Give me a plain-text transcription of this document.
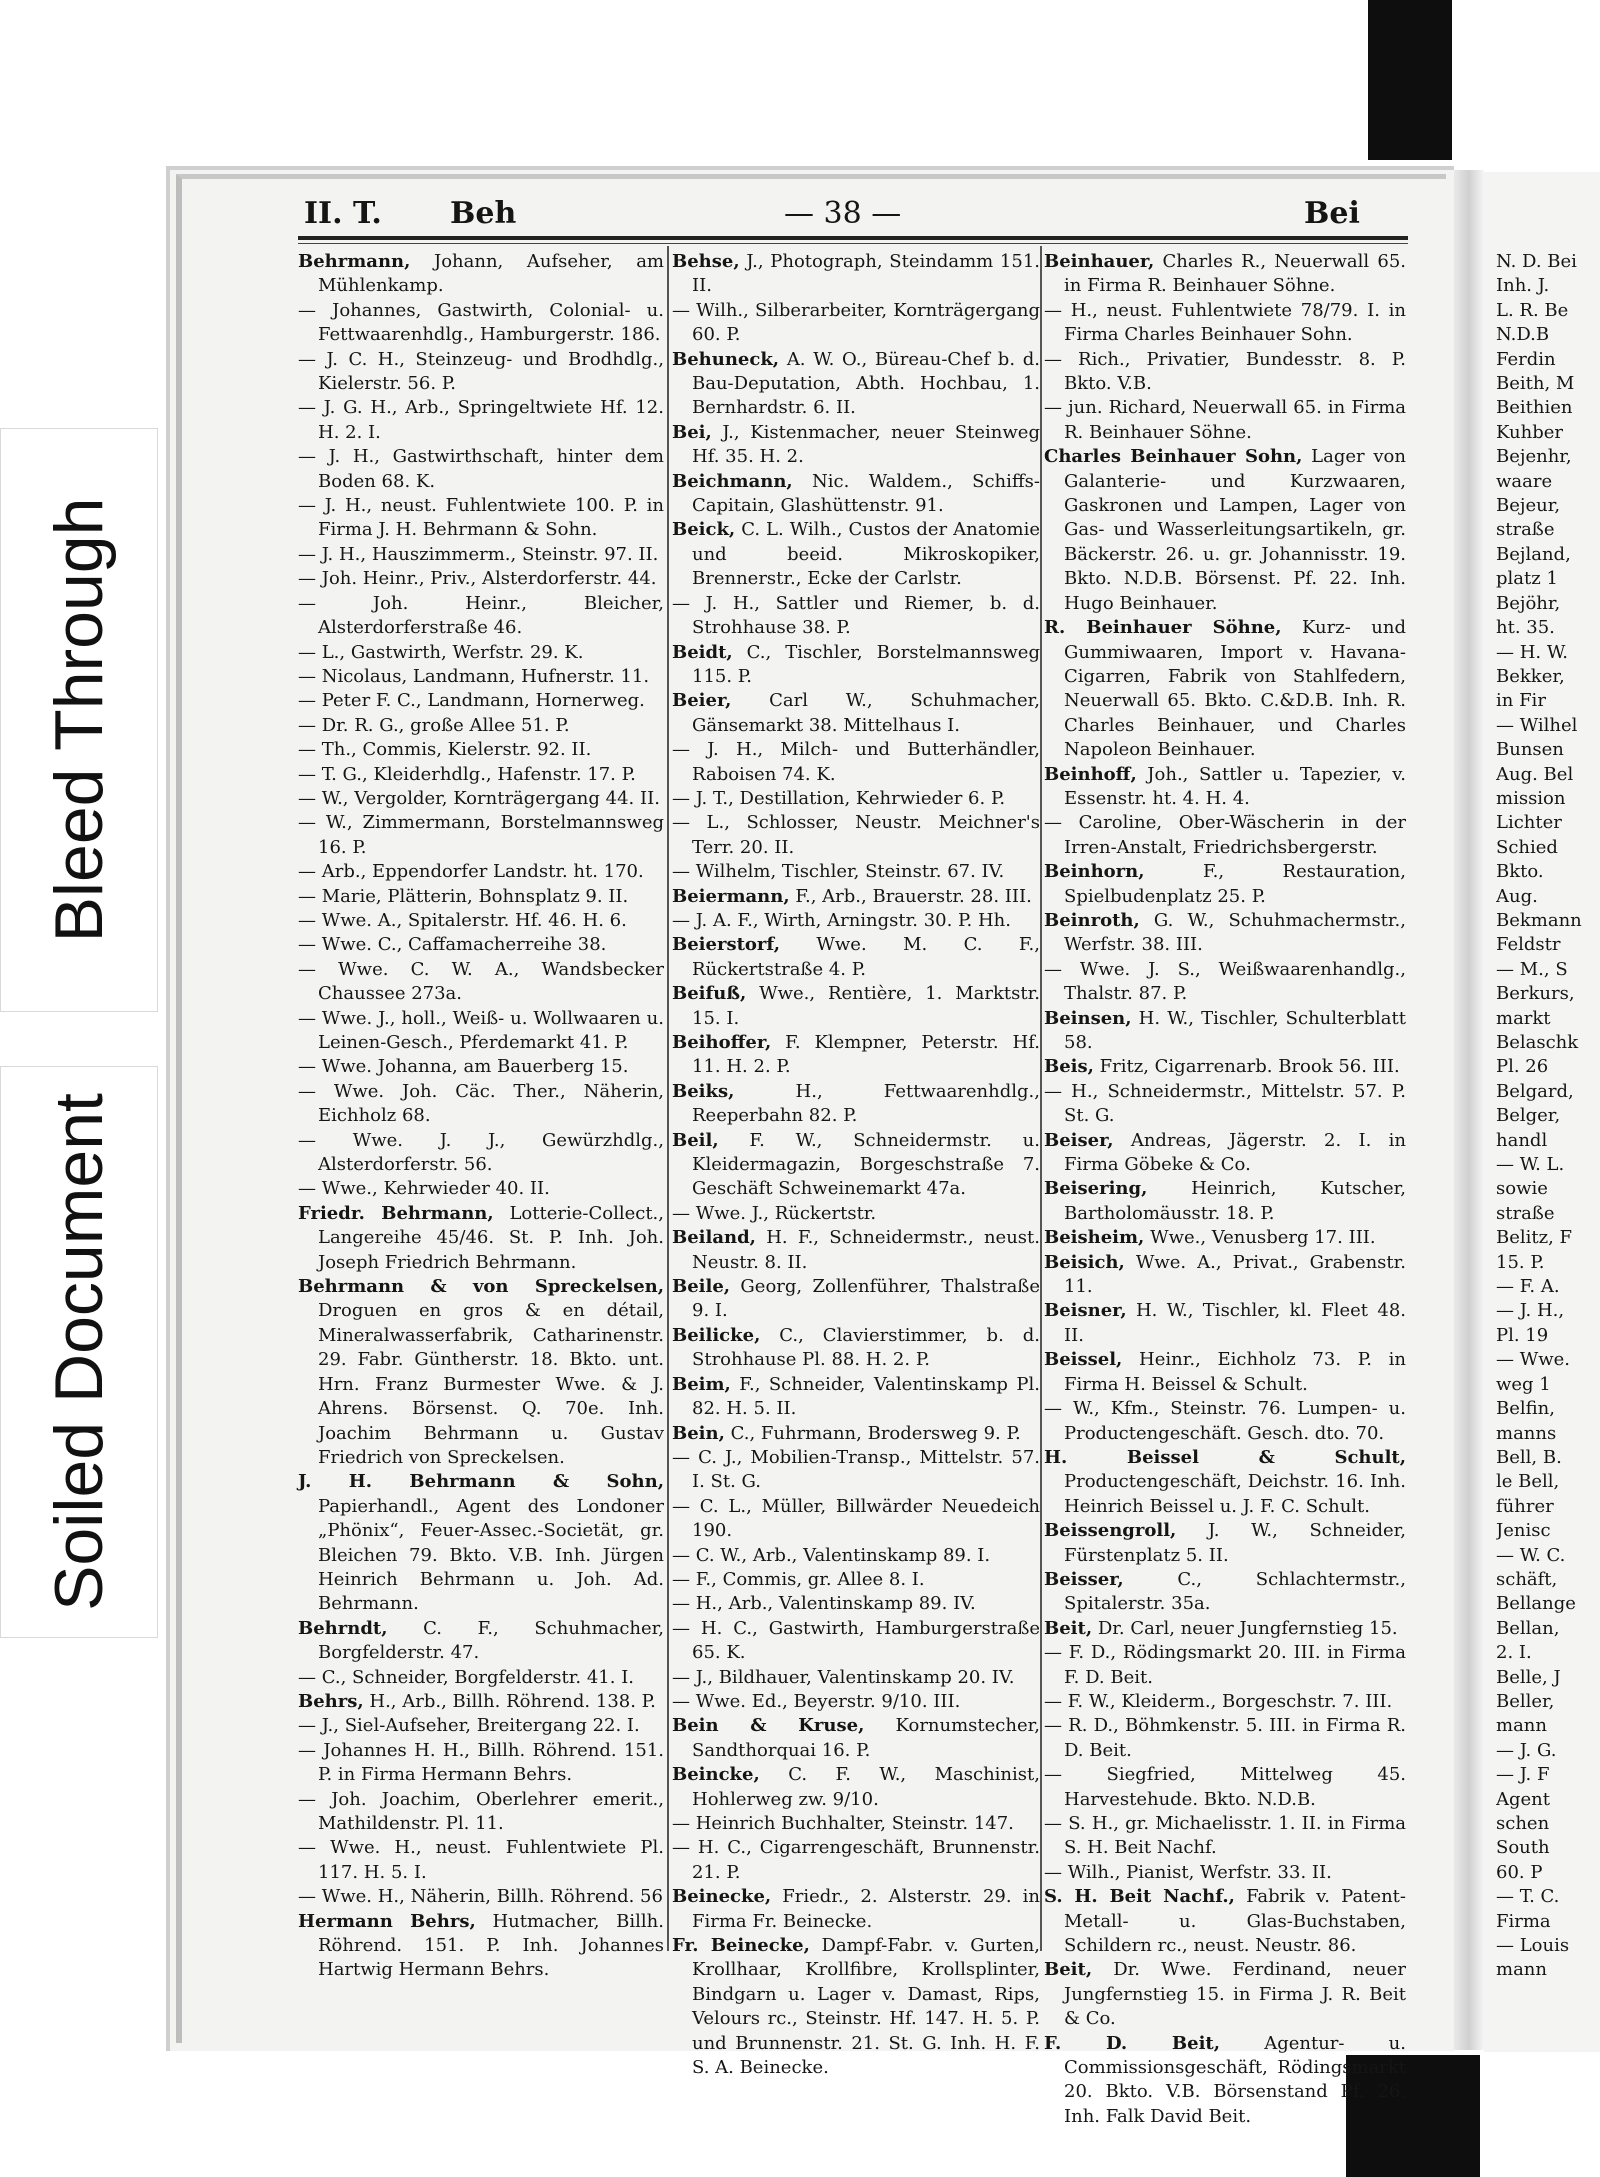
Bleed Through
Soiled Document
II. T. Beh	— 38 —	Bei

Behrmann, Johann, Aufseher, am Mühlenkamp.

— Johannes, Gastwirth, Colonial- u. Fettwaarenhdlg., Hamburgerstr. 186.

— J. C. H., Steinzeug- und Brodhdlg., Kielerstr. 56. P.

— J. G. H., Arb., Springeltwiete Hf. 12. H. 2. I.

— J. H., Gastwirthschaft, hinter dem Boden 68. K.

— J. H., neust. Fuhlentwiete 100. P. in Firma J. H. Behrmann & Sohn.

— J. H., Hauszimmerm., Steinstr. 97. II.

— Joh. Heinr., Priv., Alsterdorferstr. 44.

— Joh. Heinr., Bleicher, Alsterdorferstraße 46.

— L., Gastwirth, Werfstr. 29. K.

— Nicolaus, Landmann, Hufnerstr. 11.

— Peter F. C., Landmann, Hornerweg.

— Dr. R. G., große Allee 51. P.

— Th., Commis, Kielerstr. 92. II.

— T. G., Kleiderhdlg., Hafenstr. 17. P.

— W., Vergolder, Kornträgergang 44. II.

— W., Zimmermann, Borstelmannsweg 16. P.

— Arb., Eppendorfer Landstr. ht. 170.

— Marie, Plätterin, Bohnsplatz 9. II.

— Wwe. A., Spitalerstr. Hf. 46. H. 6.

— Wwe. C., Caffamacherreihe 38.

— Wwe. C. W. A., Wandsbecker Chaussee 273a.

— Wwe. J., holl., Weiß- u. Wollwaaren u. Leinen-Gesch., Pferdemarkt 41. P.

— Wwe. Johanna, am Bauerberg 15.

— Wwe. Joh. Cäc. Ther., Näherin, Eichholz 68.

— Wwe. J. J., Gewürzhdlg., Alsterdorferstr. 56.

— Wwe., Kehrwieder 40. II.

Friedr. Behrmann, Lotterie-Collect., Langereihe 45/46. St. P. Inh. Joh. Joseph Friedrich Behrmann.

Behrmann & von Spreckelsen, Droguen en gros & en détail, Mineralwasserfabrik, Catharinenstr. 29. Fabr. Güntherstr. 18. Bkto. unt. Hrn. Franz Burmester Wwe. & J. Ahrens. Börsenst. Q. 70e. Inh. Joachim Behrmann u. Gustav Friedrich von Spreckelsen.

J. H. Behrmann & Sohn, Papierhandl., Agent des Londoner „Phönix“, Feuer-Assec.-Societät, gr. Bleichen 79. Bkto. V.B. Inh. Jürgen Heinrich Behrmann u. Joh. Ad. Behrmann.

Behrndt, C. F., Schuhmacher, Borgfelderstr. 47.

— C., Schneider, Borgfelderstr. 41. I.

Behrs, H., Arb., Billh. Röhrend. 138. P.

— J., Siel-Aufseher, Breitergang 22. I.

— Johannes H. H., Billh. Röhrend. 151. P. in Firma Hermann Behrs.

— Joh. Joachim, Oberlehrer emerit., Mathildenstr. Pl. 11.

— Wwe. H., neust. Fuhlentwiete Pl. 117. H. 5. I.

— Wwe. H., Näherin, Billh. Röhrend. 56

Hermann Behrs, Hutmacher, Billh. Röhrend. 151. P. Inh. Johannes Hartwig Hermann Behrs.

Behse, J., Photograph, Steindamm 151. II.

— Wilh., Silberarbeiter, Kornträgergang 60. P.

Behuneck, A. W. O., Büreau-Chef b. d. Bau-Deputation, Abth. Hochbau, 1. Bernhardstr. 6. II.

Bei, J., Kistenmacher, neuer Steinweg Hf. 35. H. 2.

Beichmann, Nic. Waldem., Schiffs-Capitain, Glashüttenstr. 91.

Beick, C. L. Wilh., Custos der Anatomie und beeid. Mikroskopiker, Brennerstr., Ecke der Carlstr.

— J. H., Sattler und Riemer, b. d. Strohhause 38. P.

Beidt, C., Tischler, Borstelmannsweg 115. P.

Beier, Carl W., Schuhmacher, Gänsemarkt 38. Mittelhaus I.

— J. H., Milch- und Butterhändler, Raboisen 74. K.

— J. T., Destillation, Kehrwieder 6. P.

— L., Schlosser, Neustr. Meichner's Terr. 20. II.

— Wilhelm, Tischler, Steinstr. 67. IV.

Beiermann, F., Arb., Brauerstr. 28. III.

— J. A. F., Wirth, Arningstr. 30. P. Hh.

Beierstorf, Wwe. M. C. F., Rückertstraße 4. P.

Beifuß, Wwe., Rentière, 1. Marktstr. 15. I.

Beihoffer, F. Klempner, Peterstr. Hf. 11. H. 2. P.

Beiks,	H., Fettwaarenhdlg., Reeperbahn 82. P.

Beil, F. W., Schneidermstr. u. Kleidermagazin, Borgeschstraße 7. Geschäft Schweinemarkt 47a.

— Wwe. J., Rückertstr.

Beiland, H. F., Schneidermstr., neust. Neustr. 8. II.

Beile, Georg, Zollenführer, Thalstraße 9. I.

Beilicke, C., Clavierstimmer, b. d. Strohhause Pl. 88. H. 2. P.

Beim, F., Schneider, Valentinskamp Pl. 82. H. 5. II.

Bein, C., Fuhrmann, Brodersweg 9. P.

— C. J., Mobilien-Transp., Mittelstr. 57. I. St. G.

— C. L., Müller, Billwärder Neuedeich 190.

— C. W., Arb., Valentinskamp 89. I.

— F., Commis, gr. Allee 8. I.

— H., Arb., Valentinskamp 89. IV.

— H. C., Gastwirth, Hamburgerstraße 65. K.

— J., Bildhauer, Valentinskamp 20. IV.

— Wwe. Ed., Beyerstr. 9/10. III.

Bein & Kruse, Kornumstecher, Sandthorquai 16. P.

Beincke, C. F. W., Maschinist, Hohlerweg zw. 9/10.

— Heinrich Buchhalter, Steinstr. 147.

— H. C., Cigarrengeschäft, Brunnenstr. 21. P.

Beinecke, Friedr., 2. Alsterstr. 29. in Firma Fr. Beinecke.

Fr. Beinecke, Dampf-Fabr. v. Gurten, Krollhaar, Krollfibre, Krollsplinter, Bindgarn u. Lager v. Damast, Rips, Velours rc., Steinstr. Hf. 147. H. 5. P. und Brunnenstr. 21. St. G. Inh. H. F. S. A. Beinecke.

Beinhauer, Charles R., Neuerwall 65. in Firma R. Beinhauer Söhne.

— H., neust. Fuhlentwiete 78/79. I. in Firma Charles Beinhauer Sohn.

— Rich., Privatier, Bundesstr. 8. P. Bkto. V.B.

— jun. Richard, Neuerwall 65. in Firma R. Beinhauer Söhne.

Charles Beinhauer Sohn, Lager von Galanterie- und Kurzwaaren, Gaskronen und Lampen, Lager von Gas- und Wasserleitungsartikeln, gr. Bäckerstr. 26. u. gr. Johannisstr. 19. Bkto. N.D.B. Börsenst. Pf. 22. Inh. Hugo Beinhauer.

R. Beinhauer Söhne, Kurz- und Gummiwaaren, Import v. Havana-Cigarren, Fabrik von Stahlfedern, Neuerwall 65. Bkto. C.&D.B. Inh. R. Charles Beinhauer, und Charles Napoleon Beinhauer.

Beinhoff, Joh., Sattler u. Tapezier, v. Essenstr. ht. 4. H. 4.

— Caroline, Ober-Wäscherin in der Irren-Anstalt, Friedrichsbergerstr.

Beinhorn,	F., Restauration, Spielbudenplatz 25. P.

Beinroth, G. W., Schuhmachermstr., Werfstr. 38. III.

— Wwe. J. S., Weißwaarenhandlg., Thalstr. 87. P.

Beinsen, H. W., Tischler, Schulterblatt 58.

Beis, Fritz, Cigarrenarb. Brook 56. III.

— H., Schneidermstr., Mittelstr. 57. P. St. G.

Beiser, Andreas, Jägerstr. 2. I. in Firma Göbeke & Co.

Beisering, Heinrich, Kutscher, Bartholomäusstr. 18. P.

Beisheim, Wwe., Venusberg 17. III.

Beisich, Wwe. A., Privat., Grabenstr. 11.

Beisner, H. W., Tischler, kl. Fleet 48. II.

Beissel, Heinr., Eichholz 73. P. in Firma H. Beissel & Schult.

— W., Kfm., Steinstr. 76. Lumpen- u. Productengeschäft. Gesch. dto. 70.

H. Beissel & Schult, Productengeschäft, Deichstr. 16. Inh. Heinrich Beissel u. J. F. C. Schult.

Beissengroll, J. W., Schneider, Fürstenplatz 5. II.

Beisser,	C., Schlachtermstr., Spitalerstr. 35a.

Beit, Dr. Carl, neuer Jungfernstieg 15.

— F. D., Rödingsmarkt 20. III. in Firma F. D. Beit.

— F. W., Kleiderm., Borgeschstr. 7. III.

— R. D., Böhmkenstr. 5. III. in Firma R. D. Beit.

— Siegfried, Mittelweg 45. Harvestehude. Bkto. N.D.B.

— S. H., gr. Michaelisstr. 1. II. in Firma S. H. Beit Nachf.

— Wilh., Pianist, Werfstr. 33. II.

S. H. Beit Nachf., Fabrik v. Patent-Metall- u. Glas-Buchstaben, Schildern rc., neust. Neustr. 86.

Beit, Dr. Wwe. Ferdinand, neuer Jungfernstieg 15. in Firma J. R. Beit & Co.

F. D. Beit, Agentur- u. Commissionsgeschäft, Rödingsmarkt 20. Bkto. V.B. Börsenstand Pf. 26. Inh. Falk David Beit.

N. D. Bei

Inh. J.

L. R. Be

N.D.B

Ferdin

Beith, M

Beithien

Kuhber

Bejenhr,

waare

Bejeur,

straße

Bejland,

platz 1

Bejöhr,

ht. 35.

— H. W.

Bekker,

in Fir

— Wilhel

Bunsen

Aug. Bel

mission

Lichter

Schied

Bkto.

Aug.

Bekmann

Feldstr

— M., S

Berkurs,

markt

Belaschk

Pl. 26

Belgard,

Belger,

handl

— W. L.

sowie

straße

Belitz, F

15. P.

— F. A.

— J. H.,

Pl. 19

— Wwe.

weg 1

Belfin,

manns

Bell, B.

le Bell,

führer

Jenisc

— W. C.

schäft,

Bellange

Bellan,

2. I.

Belle, J

Beller,

mann

— J. G.

— J. F

Agent

schen

South

60. P

— T. C.

Firma

— Louis

mann
